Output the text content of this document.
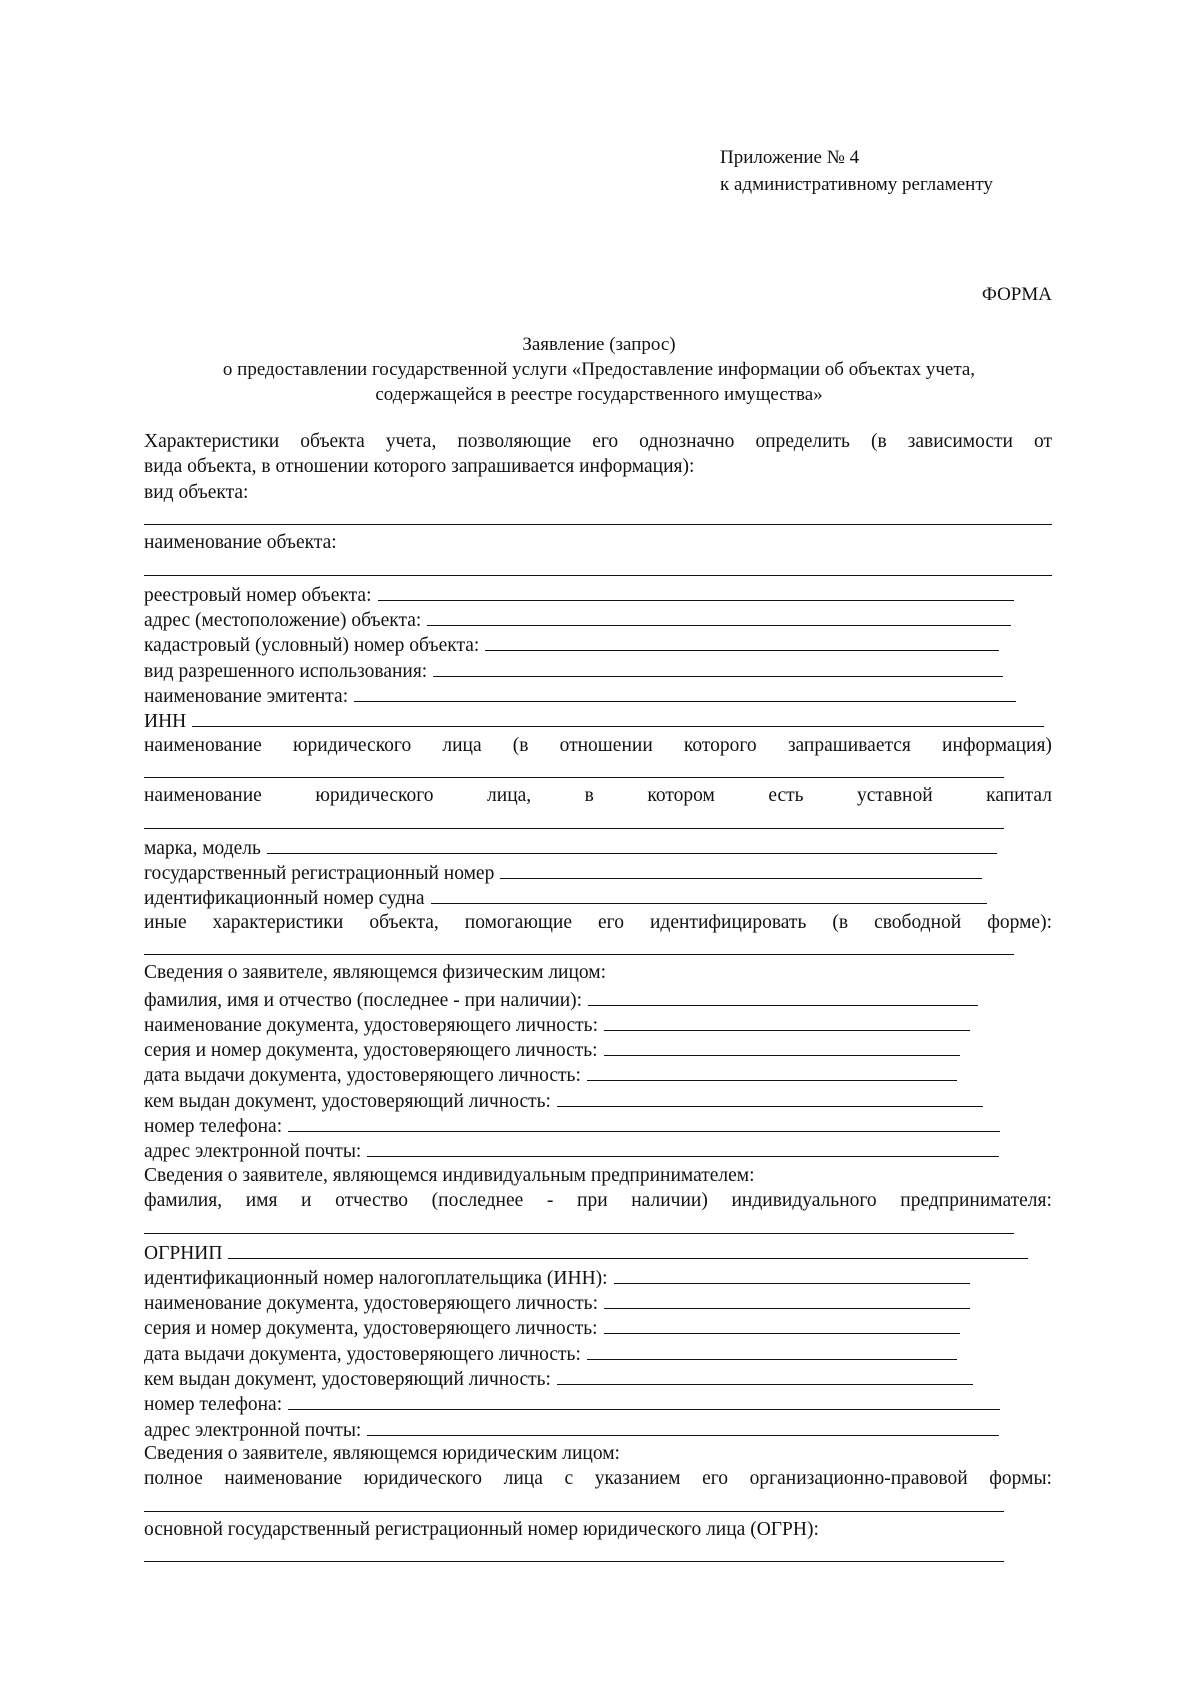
Приложение № 4
к административному регламенту
ФОРМА
Заявление (запрос)
о предоставлении государственной услуги «Предоставление информации об объектах учета,
содержащейся в реестре государственного имущества»
Характеристики объекта учета, позволяющие его однозначно определить (в зависимости от
вида объекта, в отношении которого запрашивается информация):
вид объекта:
наименование объекта:
реестровый номер объекта:
адрес (местоположение) объекта:
кадастровый (условный) номер объекта:
вид разрешенного использования:
наименование эмитента:
ИНН
наименование юридического лица (в отношении которого запрашивается информация)
наименование	юридического	лица,	в	котором	есть	уставной	капитал
марка, модель
государственный регистрационный номер
идентификационный номер судна
иные характеристики объекта, помогающие его идентифицировать (в свободной форме):
Сведения о заявителе, являющемся физическим лицом:
фамилия, имя и отчество (последнее - при наличии):
наименование документа, удостоверяющего личность:
серия и номер документа, удостоверяющего личность:
дата выдачи документа, удостоверяющего личность:
кем выдан документ, удостоверяющий личность:
номер телефона:
адрес электронной почты:
Сведения о заявителе, являющемся индивидуальным предпринимателем:
фамилия, имя и отчество (последнее - при наличии) индивидуального предпринимателя:
ОГРНИП
идентификационный номер налогоплательщика (ИНН):
наименование документа, удостоверяющего личность:
серия и номер документа, удостоверяющего личность:
дата выдачи документа, удостоверяющего личность:
кем выдан документ, удостоверяющий личность:
номер телефона:
адрес электронной почты:
Сведения о заявителе, являющемся юридическим лицом:
полное наименование юридического лица с указанием его организационно-правовой формы:
основной государственный регистрационный номер юридического лица (ОГРН):
